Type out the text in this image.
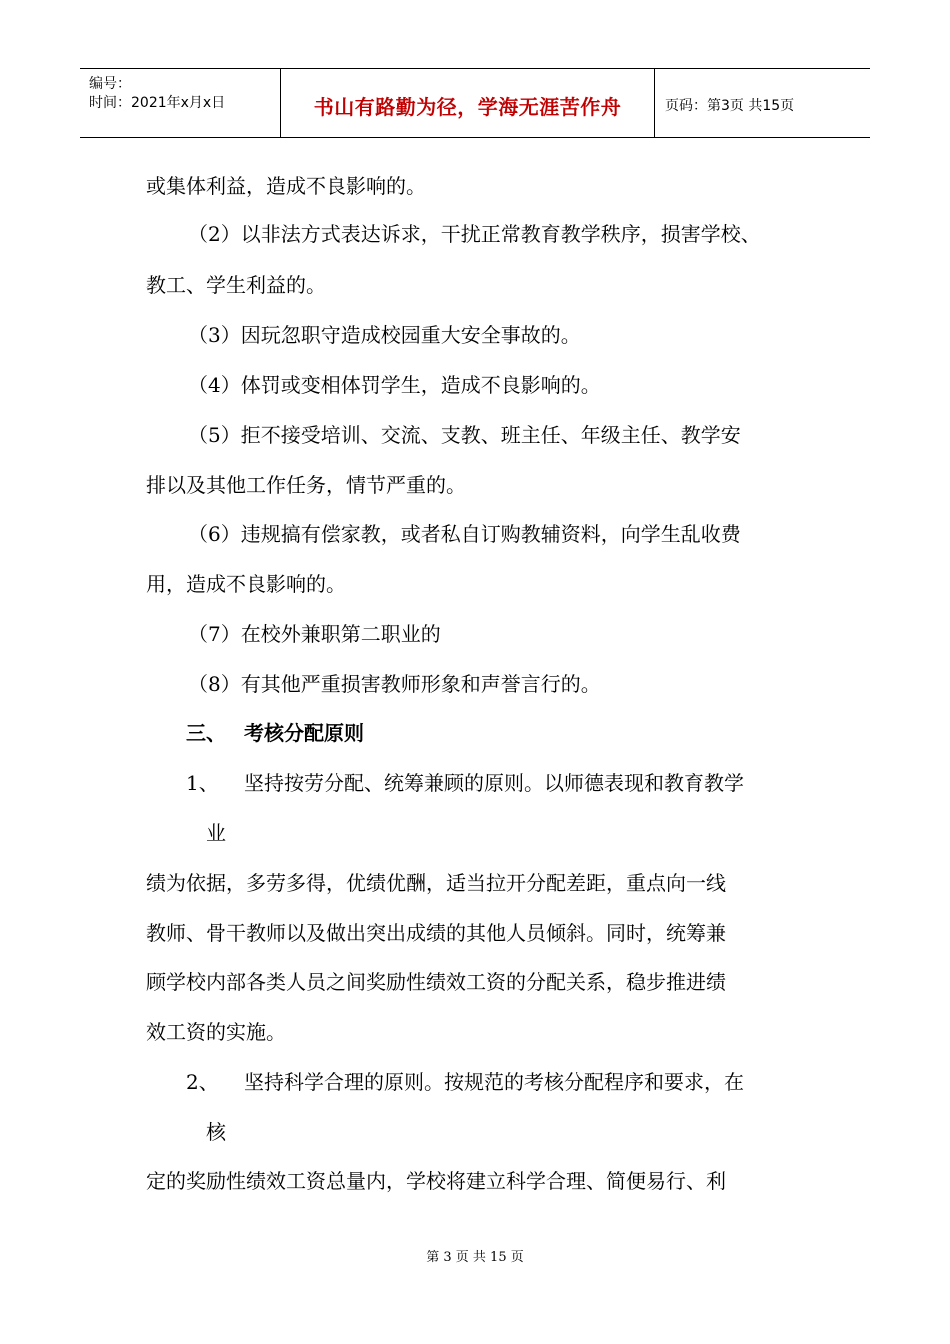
编号：
时间：2021年x月x日	书山有路勤为径，学海无涯苦作舟	页码：第3页 共15页
或集体利益，造成不良影响的。
（2）以非法方式表达诉求，干扰正常教育教学秩序，损害学校、
教工、学生利益的。
（3）因玩忽职守造成校园重大安全事故的。
（4）体罚或变相体罚学生，造成不良影响的。
（5）拒不接受培训、交流、支教、班主任、年级主任、教学安
排以及其他工作任务，情节严重的。
（6）违规搞有偿家教，或者私自订购教辅资料，向学生乱收费
用，造成不良影响的。
（7）在校外兼职第二职业的
（8）有其他严重损害教师形象和声誉言行的。
三、 考核分配原则
1、 坚持按劳分配、统筹兼顾的原则。以师德表现和教育教学
业
绩为依据，多劳多得，优绩优酬，适当拉开分配差距，重点向一线
教师、骨干教师以及做出突出成绩的其他人员倾斜。同时，统筹兼
顾学校内部各类人员之间奖励性绩效工资的分配关系，稳步推进绩
效工资的实施。
2、 坚持科学合理的原则。按规范的考核分配程序和要求，在
核
定的奖励性绩效工资总量内，学校将建立科学合理、简便易行、利
第 3 页 共 15 页
